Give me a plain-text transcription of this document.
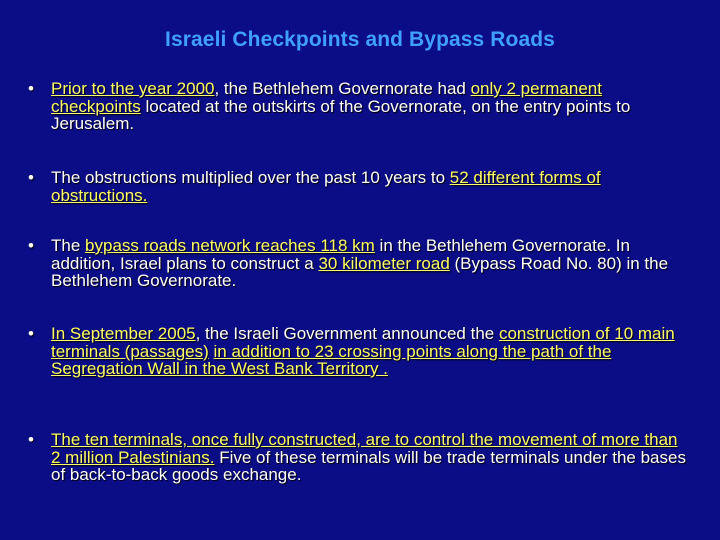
Israeli Checkpoints and Bypass Roads
• Prior to the year 2000, the Bethlehem Governorate had only 2 permanent checkpoints located at the outskirts of the Governorate, on the entry points to Jerusalem.
• The obstructions multiplied over the past 10 years to 52 different forms of obstructions.
• The bypass roads network reaches 118 km in the Bethlehem Governorate. In addition, Israel plans to construct a 30 kilometer road (Bypass Road No. 80) in the Bethlehem Governorate.
• In September 2005, the Israeli Government announced the construction of 10 main terminals (passages) in addition to 23 crossing points along the path of the Segregation Wall in the West Bank Territory .
• The ten terminals, once fully constructed, are to control the movement of more than 2 million Palestinians. Five of these terminals will be trade terminals under the bases of back-to-back goods exchange.
